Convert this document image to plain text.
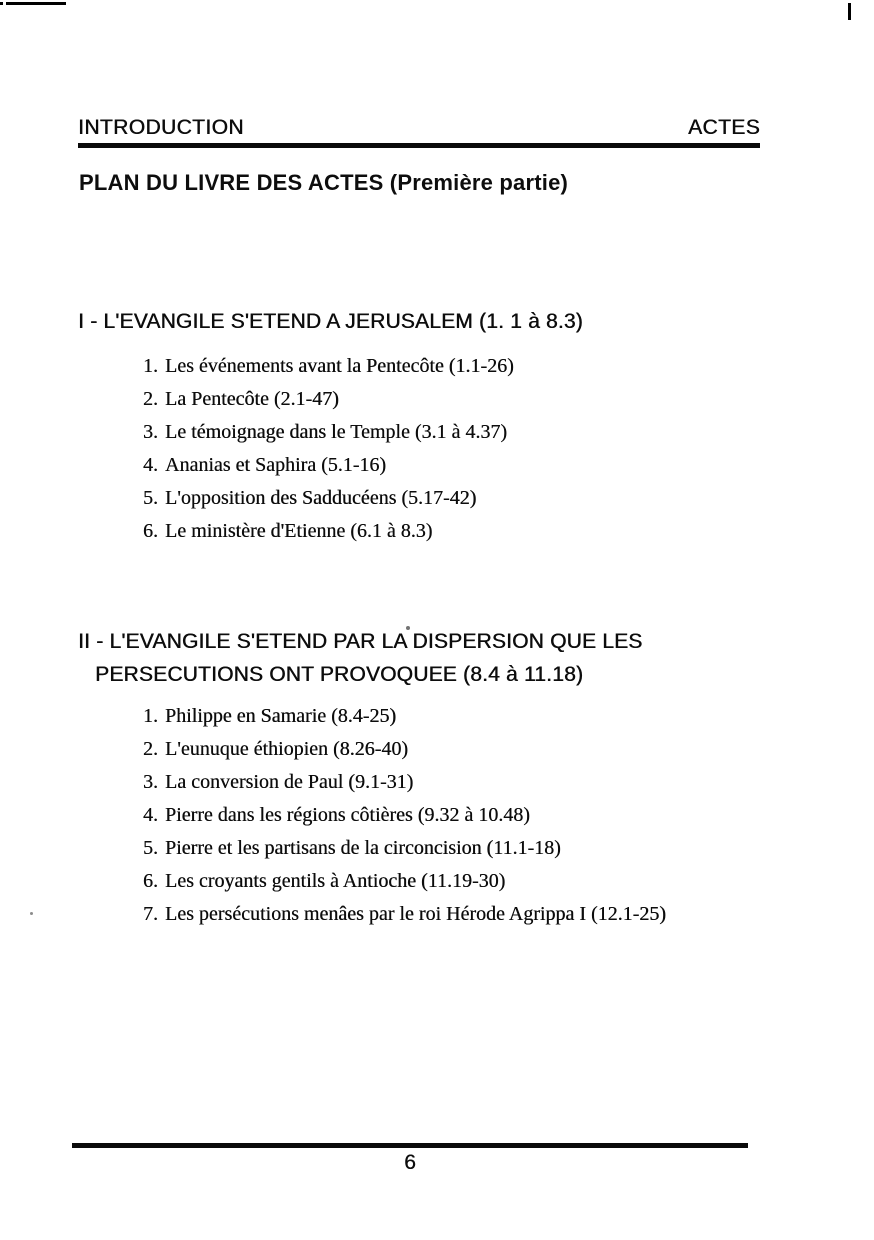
INTRODUCTION	ACTES
PLAN DU LIVRE DES ACTES (Première partie)
I - L'EVANGILE S'ETEND A JERUSALEM (1. 1 à 8.3)
1. Les événements avant la Pentecôte (1.1-26)
2. La Pentecôte (2.1-47)
3. Le témoignage dans le Temple (3.1 à 4.37)
4. Ananias et Saphira (5.1-16)
5. L'opposition des Sadducéens (5.17-42)
6. Le ministère d'Etienne (6.1 à 8.3)
II - L'EVANGILE S'ETEND PAR LA DISPERSION QUE LES
PERSECUTIONS ONT PROVOQUEE (8.4 à 11.18)
1. Philippe en Samarie (8.4-25)
2. L'eunuque éthiopien (8.26-40)
3. La conversion de Paul (9.1-31)
4. Pierre dans les régions côtières (9.32 à 10.48)
5. Pierre et les partisans de la circoncision (11.1-18)
6. Les croyants gentils à Antioche (11.19-30)
7. Les persécutions menâes par le roi Hérode Agrippa I (12.1-25)
6
